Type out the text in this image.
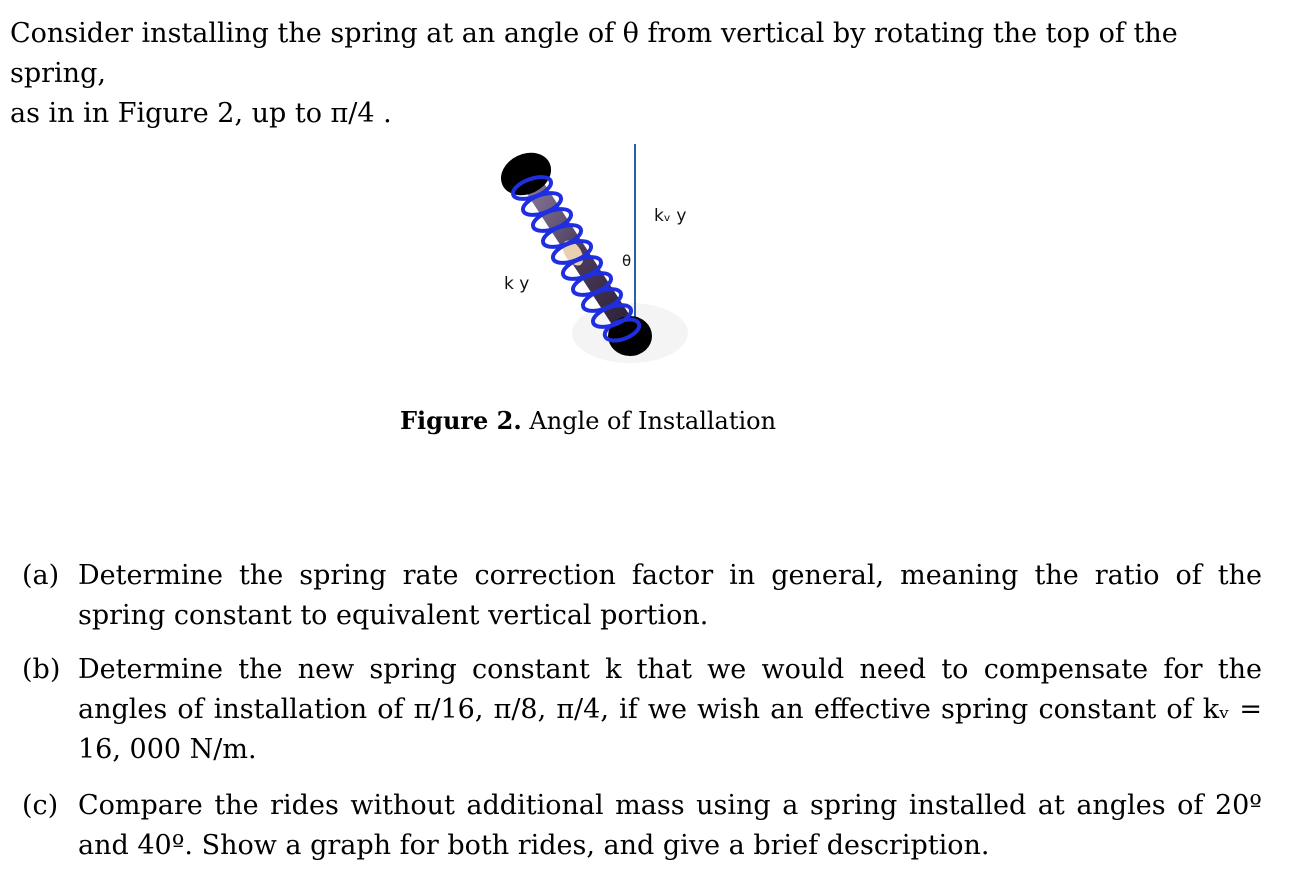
Consider installing the spring at an angle of θ from vertical by rotating the top of the spring,
as in in Figure 2, up to π/4 .
kᵥ y
θ
k y
Figure 2. Angle of Installation
(a) Determine the spring rate correction factor in general, meaning the ratio of the spring constant to equivalent vertical portion.
(b) Determine the new spring constant k that we would need to compensate for the angles of installation of π/16, π/8, π/4, if we wish an effective spring constant of kᵥ = 16, 000 N/m.
(c) Compare the rides without additional mass using a spring installed at angles of 20º and 40º. Show a graph for both rides, and give a brief description.
